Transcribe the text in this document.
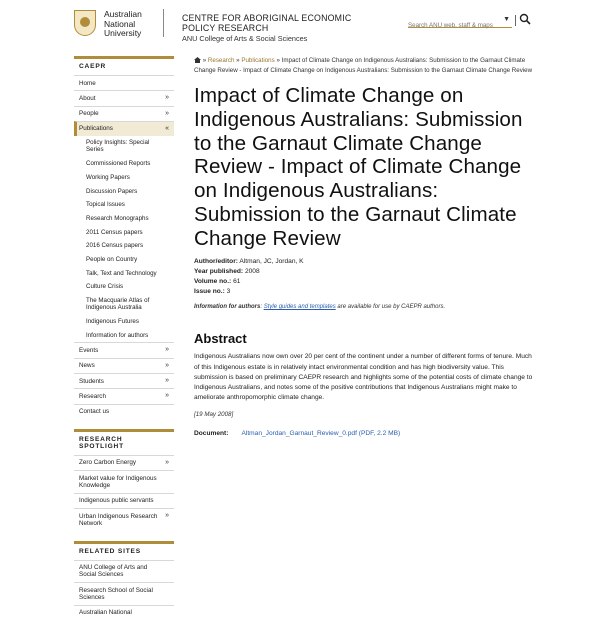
Australian
National
University
CENTRE FOR ABORIGINAL ECONOMIC POLICY RESEARCH
ANU College of Arts & Social Sciences
Search ANU web, staff & maps
▼
CAEPR
Home
About	»
People	»
Publications	«
Policy Insights: Special Series
Commissioned Reports
Working Papers
Discussion Papers
Topical Issues
Research Monographs
2011 Census papers
2016 Census papers
People on Country
Talk, Text and Technology
Culture Crisis
The Macquarie Atlas of Indigenous Australia
Indigenous Futures
Information for authors
Events	»
News	»
Students	»
Research	»
Contact us
RESEARCH SPOTLIGHT
Zero Carbon Energy	»
Market value for Indigenous Knowledge
Indigenous public servants
Urban Indigenous Research Network
»
RELATED SITES
ANU College of Arts and Social Sciences
Research School of Social Sciences
Australian National
» Research » Publications » Impact of Climate Change on Indigenous Australians: Submission to the Garnaut Climate Change Review - Impact of Climate Change on Indigenous Australians: Submission to the Garnaut Climate Change Review
Impact of Climate Change on Indigenous Australians: Submission to the Garnaut Climate Change Review - Impact of Climate Change on Indigenous Australians: Submission to the Garnaut Climate Change Review
Author/editor: Altman, JC, Jordan, K
Year published: 2008
Volume no.: 61
Issue no.: 3
Information for authors: Style guides and templates are available for use by CAEPR authors.
Abstract

Indigenous Australians now own over 20 per cent of the continent under a number of different forms of tenure. Much of this Indigenous estate is in relatively intact environmental condition and has high biodiversity value. This submission is based on preliminary CAEPR research and highlights some of the potential costs of climate change to Indigenous Australians, and notes some of the positive contributions that Indigenous Australians might make to ameliorate anthropomorphic climate change.

[19 May 2008]

Document: Altman_Jordan_Garnaut_Review_0.pdf (PDF, 2.2 MB)
